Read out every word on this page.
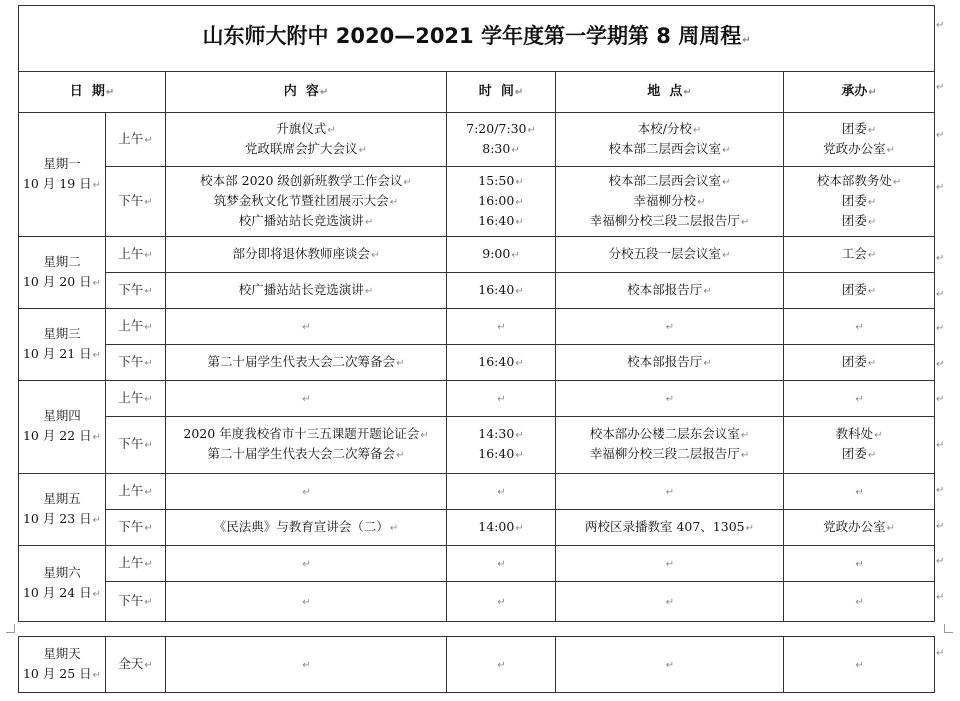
山东师大附中 2020—2021 学年度第一学期第 8 周周程↵					
日  期↵		内  容↵	时  间↵	地  点↵	承办↵

星期一
10 月 19 日↵	上午↵	升旗仪式↵
党政联席会扩大会议↵	7:20/7:30↵
8:30↵	本校/分校↵
校本部二层西会议室↵	团委↵
党政办公室↵

	下午↵	校本部 2020 级创新班教学工作会议↵
筑梦金秋文化节暨社团展示大会↵
校广播站站长竞选演讲↵	15:50↵
16:00↵
16:40↵	校本部二层西会议室↵
幸福柳分校↵
幸福柳分校三段二层报告厅↵	校本部教务处↵
团委↵
团委↵

星期二
10 月 20 日↵	上午↵	部分即将退休教师座谈会↵	9:00↵	分校五段一层会议室↵	工会↵

	下午↵	校广播站站长竞选演讲↵	16:40↵	校本部报告厅↵	团委↵

星期三
10 月 21 日↵	上午↵	↵	↵	↵	↵

	下午↵	第二十届学生代表大会二次筹备会↵	16:40↵	校本部报告厅↵	团委↵

星期四
10 月 22 日↵	上午↵	↵	↵	↵	↵

	下午↵	2020 年度我校省市十三五课题开题论证会↵
第二十届学生代表大会二次筹备会↵	14:30↵
16:40↵	校本部办公楼二层东会议室↵
幸福柳分校三段二层报告厅↵	教科处↵
团委↵

星期五
10 月 23 日↵	上午↵	↵	↵	↵	↵

	下午↵	《民法典》与教育宣讲会（二）↵	14:00↵	两校区录播教室 407、1305↵	党政办公室↵

星期六
10 月 24 日↵	上午↵	↵	↵	↵	↵

	下午↵	↵	↵	↵	↵
星期天
10 月 25 日↵
	全天↵	↵	↵	↵	↵
↵
↵
↵
↵
↵
↵
↵
↵
↵
↵
↵
↵
↵
↵
↵
